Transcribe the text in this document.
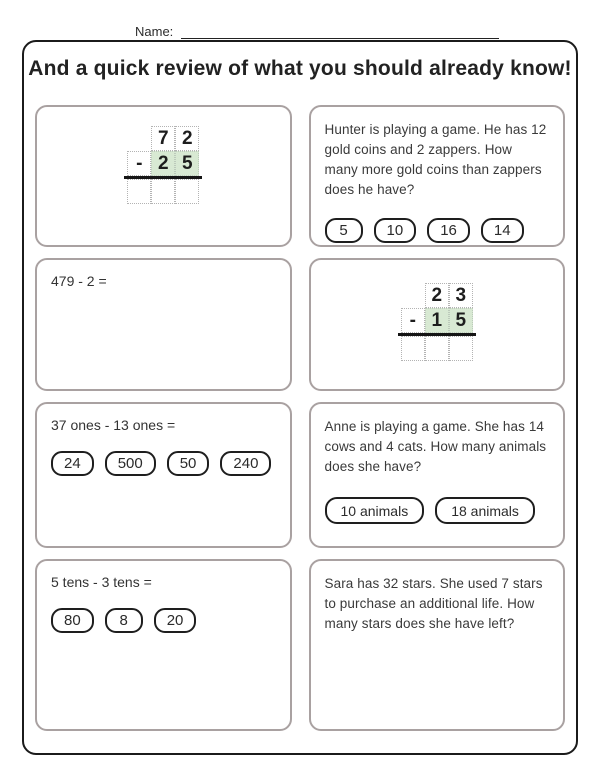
Name:
And a quick review of what you should already know!
7 2
- 2 5
Hunter is playing a game. He has 12 gold coins and 2 zappers. How many more gold coins than zappers does he have?
5	10	16	14
479 - 2 =
2 3
- 1 5
37 ones - 13 ones =
24	500	50	240
Anne is playing a game. She has 14 cows and 4 cats. How many animals does she have?
10 animals	18 animals
5 tens - 3 tens =
80	8	20
Sara has 32 stars. She used 7 stars to purchase an additional life. How many stars does she have left?
